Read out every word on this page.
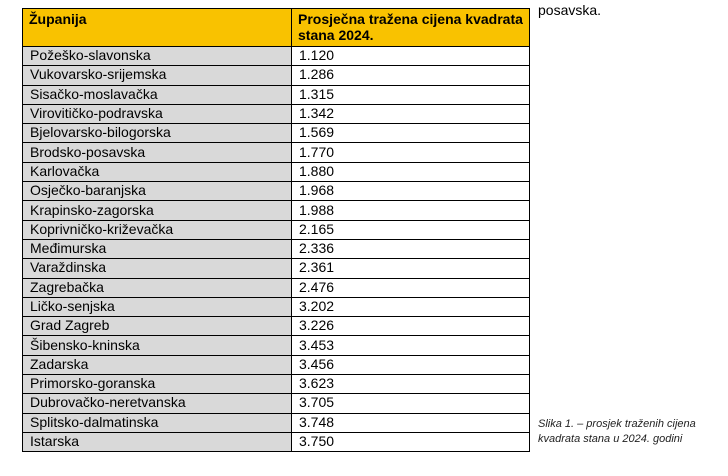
posavska.
Županija	Prosječna tražena cijena kvadrata stana 2024.
Požeško-slavonska	1.120
Vukovarsko-srijemska	1.286
Sisačko-moslavačka	1.315
Virovitičko-podravska	1.342
Bjelovarsko-bilogorska	1.569
Brodsko-posavska	1.770
Karlovačka	1.880
Osječko-baranjska	1.968
Krapinsko-zagorska	1.988
Koprivničko-križevačka	2.165
Međimurska	2.336
Varaždinska	2.361
Zagrebačka	2.476
Ličko-senjska	3.202
Grad Zagreb	3.226
Šibensko-kninska	3.453
Zadarska	3.456
Primorsko-goranska	3.623
Dubrovačko-neretvanska	3.705
Splitsko-dalmatinska	3.748
Istarska	3.750
Slika 1. – prosjek traženih cijena kvadrata stana u 2024. godini
